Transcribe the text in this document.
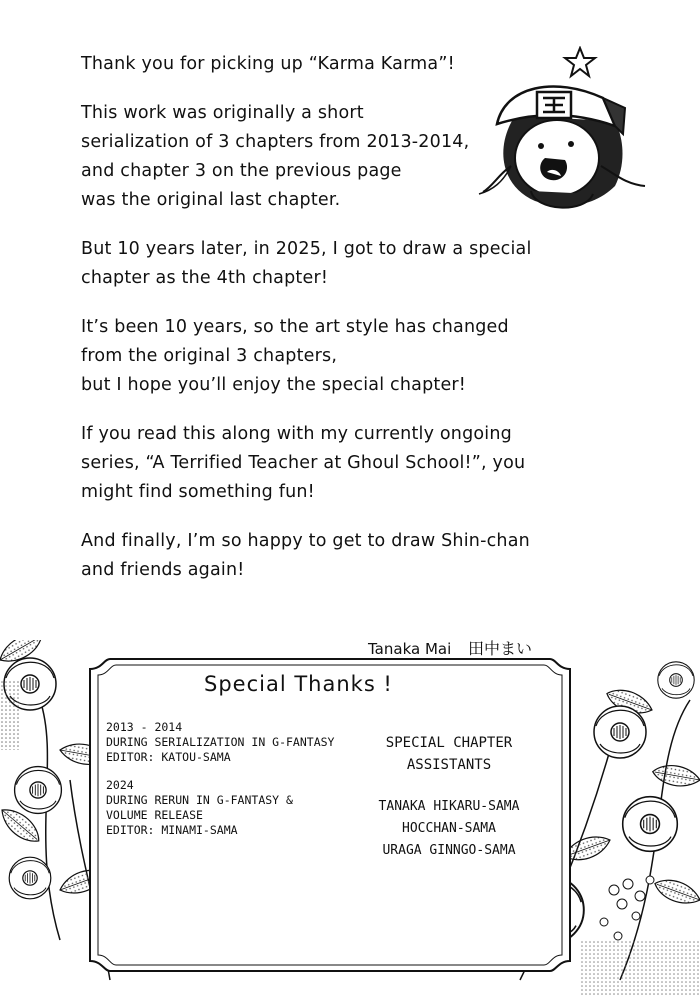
Thank you for picking up “Karma Karma”!

This work was originally a short
serialization of 3 chapters from 2013-2014,
and chapter 3 on the previous page
was the original last chapter.

But 10 years later, in 2025, I got to draw a special
chapter as the 4th chapter!

It’s been 10 years, so the art style has changed
from the original 3 chapters,
but I hope you’ll enjoy the special chapter!

If you read this along with my currently ongoing
series, “A Terrified Teacher at Ghoul School!”, you
might find something fun!

And finally, I’m so happy to get to draw Shin-chan
and friends again!

Tanaka Mai 田中まい
Special Thanks !

2013 - 2014
DURING SERIALIZATION IN G-FANTASY
EDITOR: KATOU-SAMA

2024
DURING RERUN IN G-FANTASY &
VOLUME RELEASE
EDITOR: MINAMI-SAMA

SPECIAL CHAPTER
ASSISTANTS
TANAKA HIKARU-SAMA
HOCCHAN-SAMA
URAGA GINNGO-SAMA
